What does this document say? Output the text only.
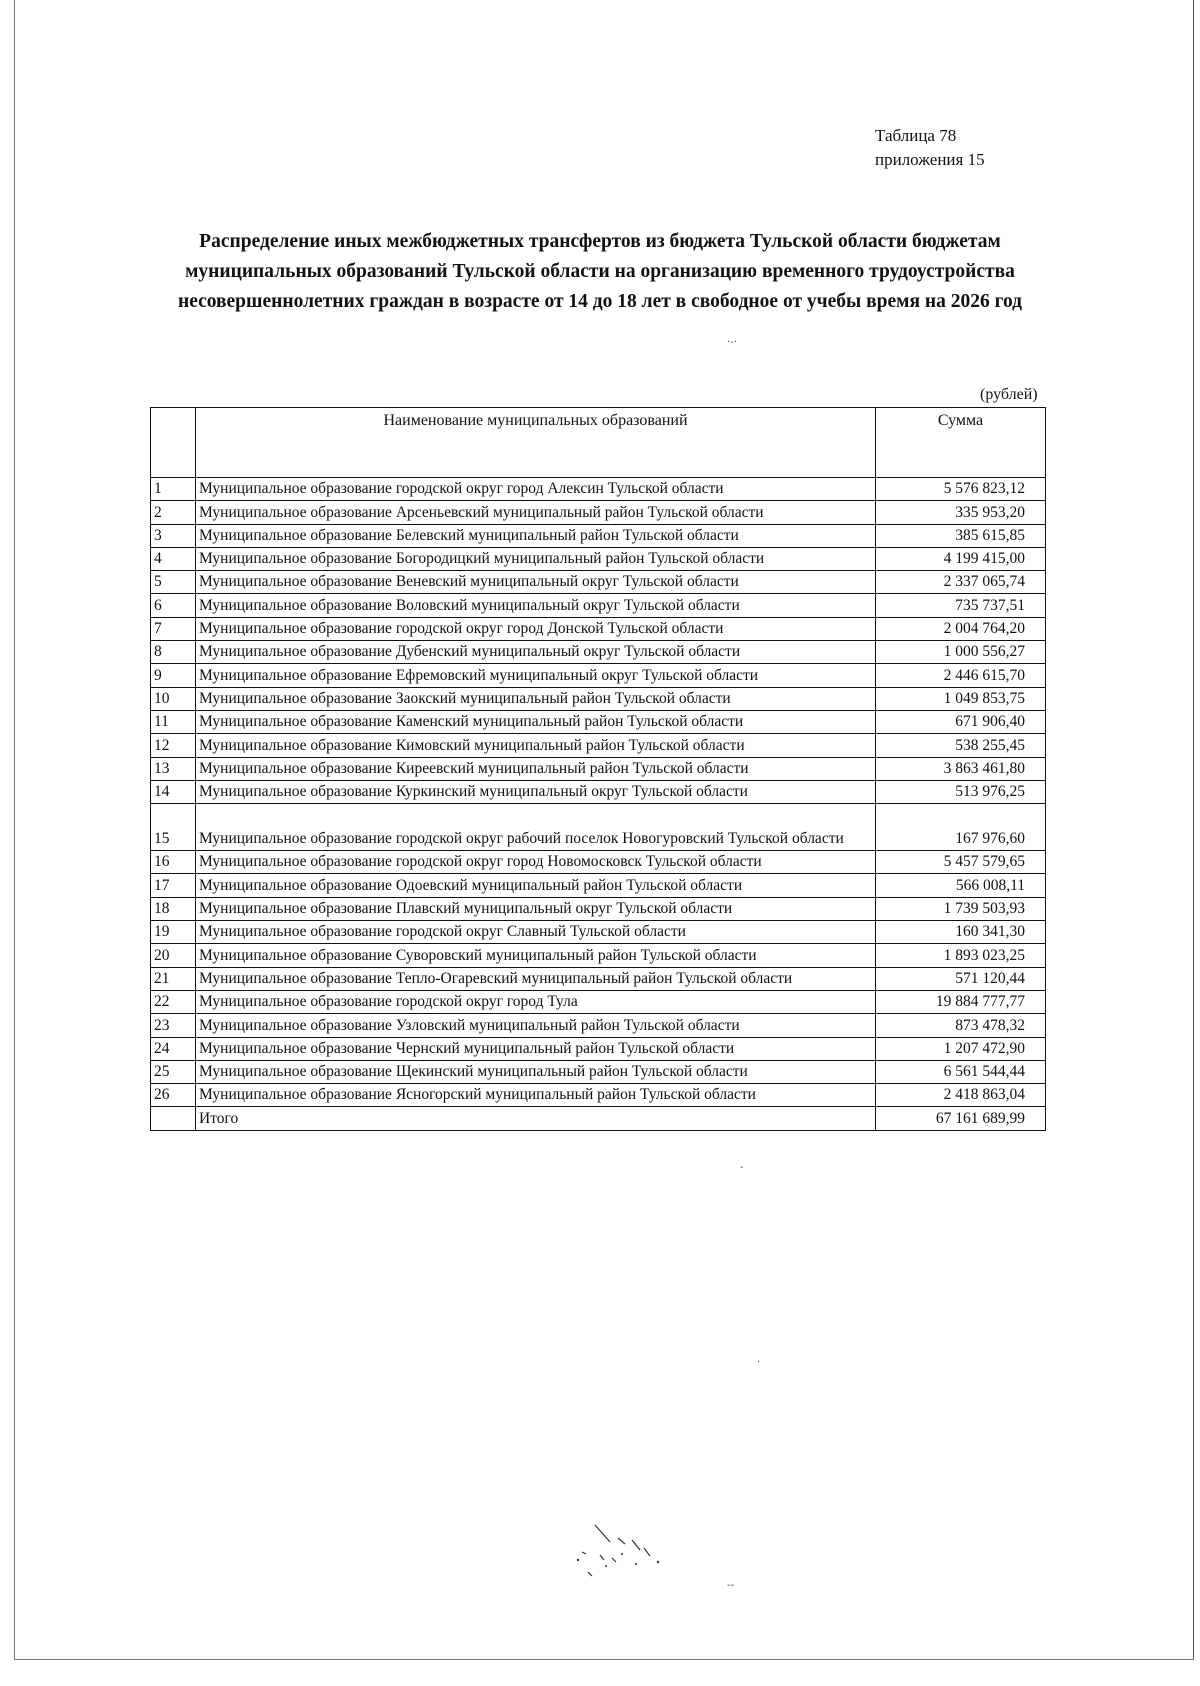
Таблица 78
приложения 15
Распределение иных межбюджетных трансфертов из бюджета Тульской области бюджетам муниципальных образований Тульской области на организацию временного трудоустройства несовершеннолетних граждан в возрасте от 14 до 18 лет в свободное от учебы время на 2026 год
·-·
-
·
(рублей)
	Наименование муниципальных образований	Сумма
1	Муниципальное образование городской округ город Алексин Тульской области	5 576 823,12
2	Муниципальное образование Арсеньевский муниципальный район Тульской области	335 953,20
3	Муниципальное образование Белевский муниципальный район Тульской области	385 615,85
4	Муниципальное образование Богородицкий муниципальный район Тульской области	4 199 415,00
5	Муниципальное образование Веневский муниципальный округ Тульской области	2 337 065,74
6	Муниципальное образование Воловский муниципальный округ Тульской области	735 737,51
7	Муниципальное образование городской округ город Донской Тульской области	2 004 764,20
8	Муниципальное образование Дубенский муниципальный округ Тульской области	1 000 556,27
9	Муниципальное образование Ефремовский муниципальный округ Тульской области	2 446 615,70
10	Муниципальное образование Заокский муниципальный район Тульской области	1 049 853,75
11	Муниципальное образование Каменский муниципальный район Тульской области	671 906,40
12	Муниципальное образование Кимовский муниципальный район Тульской области	538 255,45
13	Муниципальное образование Киреевский муниципальный район Тульской области	3 863 461,80
14	Муниципальное образование Куркинский муниципальный округ Тульской области	513 976,25
15	Муниципальное образование городской округ рабочий поселок Новогуровский Тульской области	167 976,60
16	Муниципальное образование городской округ город Новомосковск Тульской области	5 457 579,65
17	Муниципальное образование Одоевский муниципальный район Тульской области	566 008,11
18	Муниципальное образование Плавский муниципальный округ Тульской области	1 739 503,93
19	Муниципальное образование городской округ Славный Тульской области	160 341,30
20	Муниципальное образование Суворовский муниципальный район Тульской области	1 893 023,25
21	Муниципальное образование Тепло-Огаревский муниципальный район Тульской области	571 120,44
22	Муниципальное образование городской округ город Тула	19 884 777,77
23	Муниципальное образование Узловский муниципальный район Тульской области	873 478,32
24	Муниципальное образование Чернский муниципальный район Тульской области	1 207 472,90
25	Муниципальное образование Щекинский муниципальный район Тульской области	6 561 544,44
26	Муниципальное образование Ясногорский муниципальный район Тульской области	2 418 863,04
	Итого	67 161 689,99
‐‐
